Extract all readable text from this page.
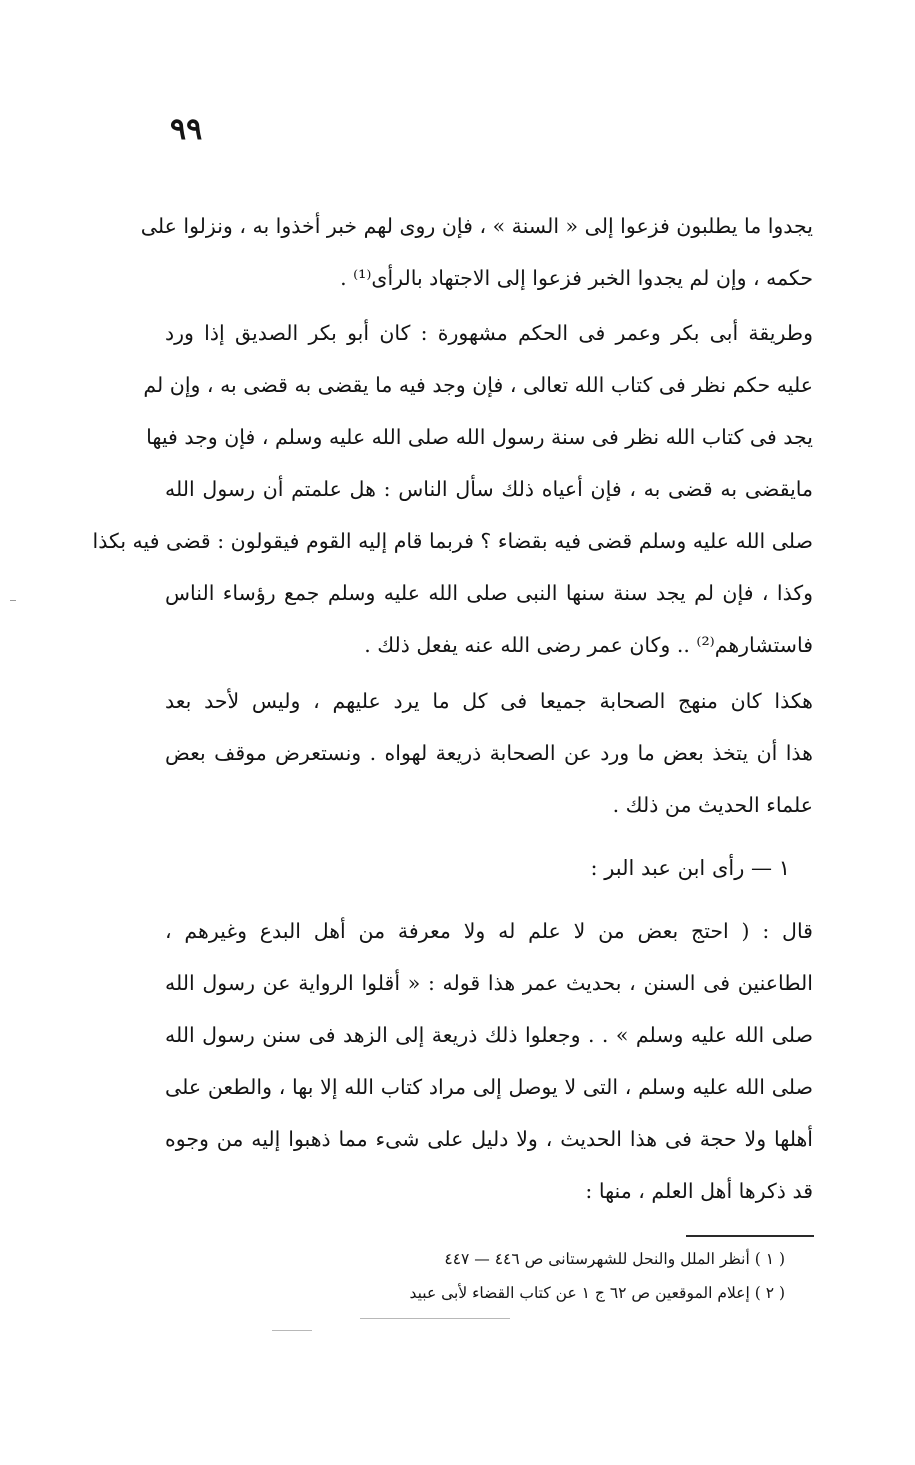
٩٩
يجدوا ما يطلبون فزعوا إلى « السنة » ، فإن روى لهم خبر أخذوا به ، ونزلوا على
حكمه ، وإن لم يجدوا الخبر فزعوا إلى الاجتهاد بالرأى⁽¹⁾ .
وطريقة أبى بكر وعمر فى الحكم مشهورة : كان أبو بكر الصديق إذا ورد
عليه حكم نظر فى كتاب الله تعالى ، فإن وجد فيه ما يقضى به قضى به ، وإن لم
يجد فى كتاب الله نظر فى سنة رسول الله صلى الله عليه وسلم ، فإن وجد فيها
مايقضى به قضى به ، فإن أعياه ذلك سأل الناس : هل علمتم أن رسول الله
صلى الله عليه وسلم قضى فيه بقضاء ؟ فربما قام إليه القوم فيقولون : قضى فيه بكذا
وكذا ، فإن لم يجد سنة سنها النبى صلى الله عليه وسلم جمع رؤساء الناس
فاستشارهم⁽²⁾ .. وكان عمر رضى الله عنه يفعل ذلك .
هكذا كان منهج الصحابة جميعا فى كل ما يرد عليهم ، وليس لأحد بعد
هذا أن يتخذ بعض ما ورد عن الصحابة ذريعة لهواه . ونستعرض موقف بعض
علماء الحديث من ذلك .
١ — رأى ابن عبد البر :
قال : ( احتج بعض من لا علم له ولا معرفة من أهل البدع وغيرهم ،
الطاعنين فى السنن ، بحديث عمر هذا قوله : « أقلوا الرواية عن رسول الله
صلى الله عليه وسلم » . . وجعلوا ذلك ذريعة إلى الزهد فى سنن رسول الله
صلى الله عليه وسلم ، التى لا يوصل إلى مراد كتاب الله إلا بها ، والطعن على
أهلها ولا حجة فى هذا الحديث ، ولا دليل على شىء مما ذهبوا إليه من وجوه
قد ذكرها أهل العلم ، منها :
( ١ ) أنظر الملل والنحل للشهرستانى ص ٤٤٦ — ٤٤٧
( ٢ ) إعلام الموقعين ص ٦٢ ج ١ عن كتاب القضاء لأبى عبيد
